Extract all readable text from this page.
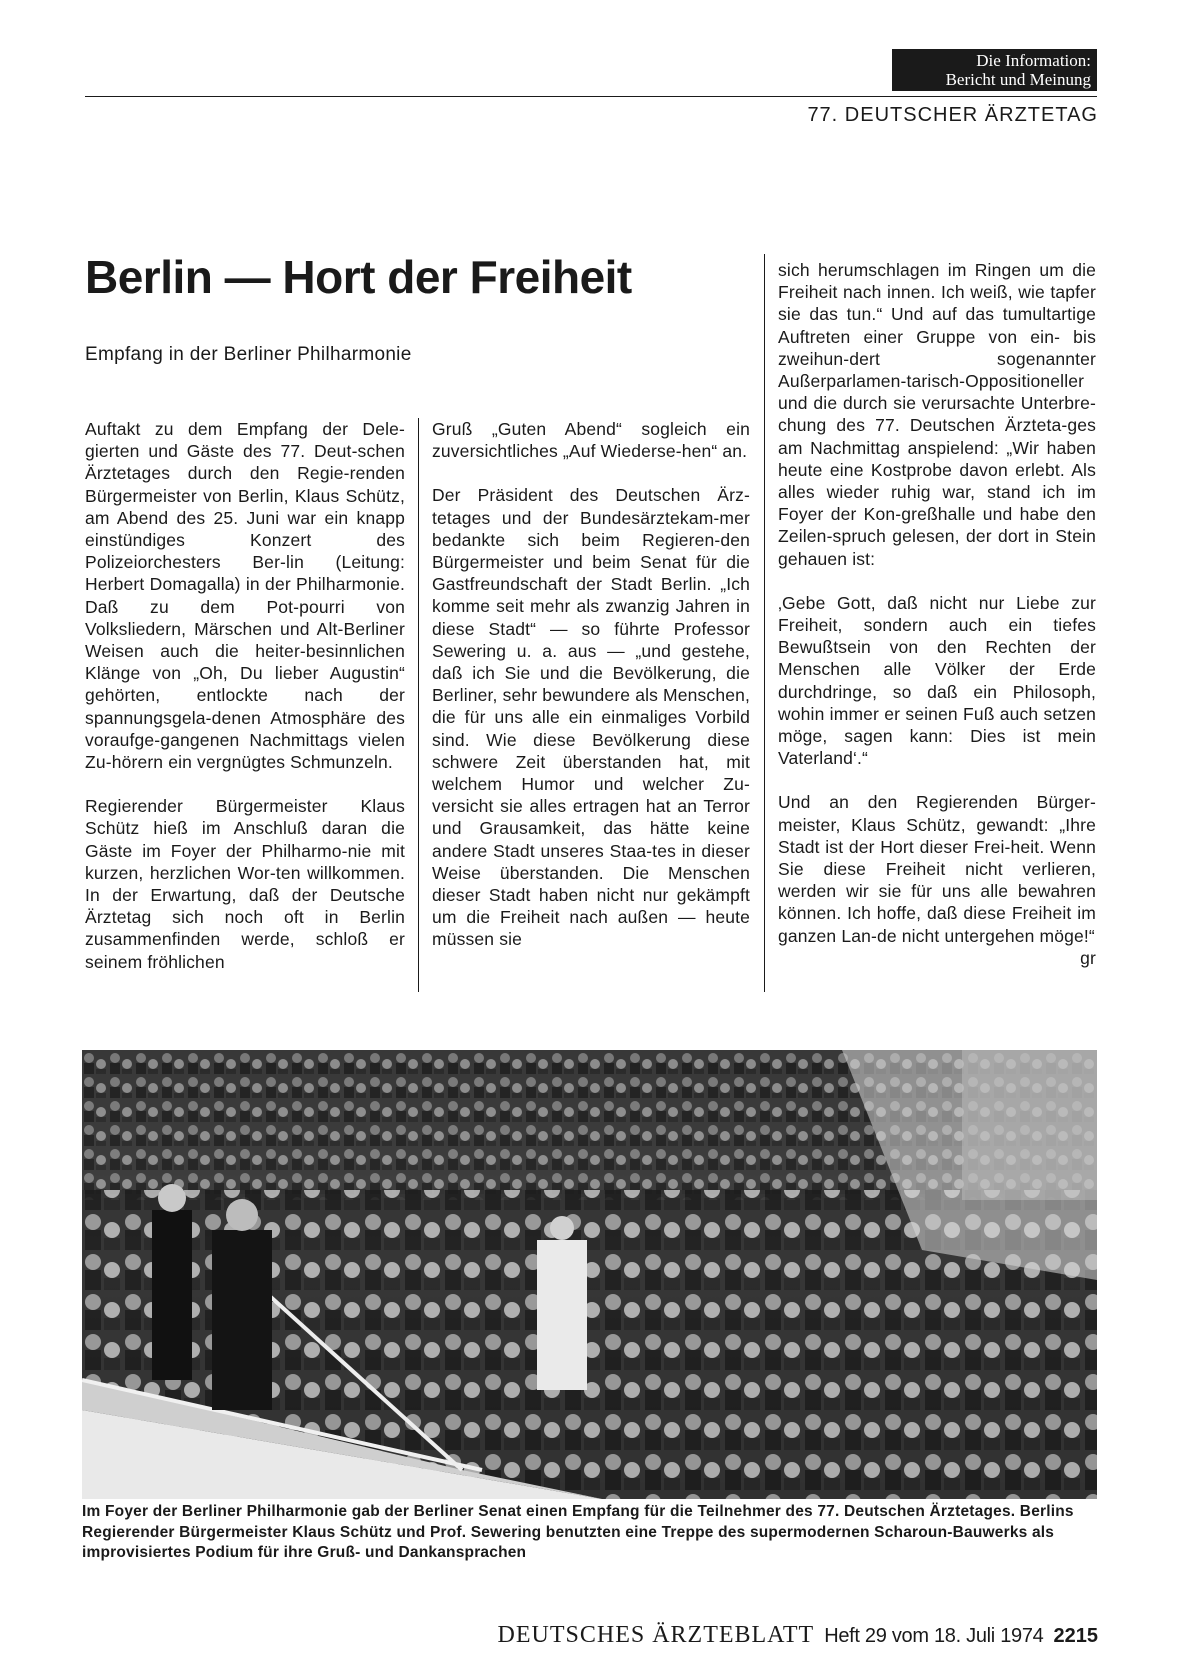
Die Information:
Bericht und Meinung
77. DEUTSCHER ÄRZTETAG
Berlin — Hort der Freiheit
Empfang in der Berliner Philharmonie

Auftakt zu dem Empfang der Dele-gierten und Gäste des 77. Deut-schen Ärztetages durch den Regie-renden Bürgermeister von Berlin, Klaus Schütz, am Abend des 25. Juni war ein knapp einstündiges Konzert des Polizeiorchesters Ber-lin (Leitung: Herbert Domagalla) in der Philharmonie. Daß zu dem Pot-pourri von Volksliedern, Märschen und Alt-Berliner Weisen auch die heiter-besinnlichen Klänge von „Oh, Du lieber Augustin“ gehörten, entlockte nach der spannungsgela-denen Atmosphäre des voraufge-gangenen Nachmittags vielen Zu-hörern ein vergnügtes Schmunzeln.

Regierender Bürgermeister Klaus Schütz hieß im Anschluß daran die Gäste im Foyer der Philharmo-nie mit kurzen, herzlichen Wor-ten willkommen. In der Erwartung, daß der Deutsche Ärztetag sich noch oft in Berlin zusammenfinden werde, schloß er seinem fröhlichen

Gruß „Guten Abend“ sogleich ein zuversichtliches „Auf Wiederse-hen“ an.

Der Präsident des Deutschen Ärz-tetages und der Bundesärztekam-mer bedankte sich beim Regieren-den Bürgermeister und beim Senat für die Gastfreundschaft der Stadt Berlin. „Ich komme seit mehr als zwanzig Jahren in diese Stadt“ — so führte Professor Sewering u. a. aus — „und gestehe, daß ich Sie und die Bevölkerung, die Berliner, sehr bewundere als Menschen, die für uns alle ein einmaliges Vorbild sind. Wie diese Bevölkerung diese schwere Zeit überstanden hat, mit welchem Humor und welcher Zu-versicht sie alles ertragen hat an Terror und Grausamkeit, das hätte keine andere Stadt unseres Staa-tes in dieser Weise überstanden. Die Menschen dieser Stadt haben nicht nur gekämpft um die Freiheit nach außen — heute müssen sie

sich herumschlagen im Ringen um die Freiheit nach innen. Ich weiß, wie tapfer sie das tun.“ Und auf das tumultartige Auftreten einer Gruppe von ein- bis zweihun-dert sogenannter Außerparlamen-tarisch-Oppositioneller und die durch sie verursachte Unterbre-chung des 77. Deutschen Ärzteta-ges am Nachmittag anspielend: „Wir haben heute eine Kostprobe davon erlebt. Als alles wieder ruhig war, stand ich im Foyer der Kon-greßhalle und habe den Zeilen-spruch gelesen, der dort in Stein gehauen ist:

‚Gebe Gott, daß nicht nur Liebe zur Freiheit, sondern auch ein tiefes Bewußtsein von den Rechten der Menschen alle Völker der Erde durchdringe, so daß ein Philosoph, wohin immer er seinen Fuß auch setzen möge, sagen kann: Dies ist mein Vaterland‘.“

Und an den Regierenden Bürger-meister, Klaus Schütz, gewandt: „Ihre Stadt ist der Hort dieser Frei-heit. Wenn Sie diese Freiheit nicht verlieren, werden wir sie für uns alle bewahren können. Ich hoffe, daß diese Freiheit im ganzen Lan-de nicht untergehen möge!“
gr

Im Foyer der Berliner Philharmonie gab der Berliner Senat einen Empfang für die Teilnehmer des 77. Deutschen Ärztetages. Berlins Regierender Bürgermeister Klaus Schütz und Prof. Sewering benutzten eine Treppe des supermodernen Scharoun-Bauwerks als improvisiertes Podium für ihre Gruß- und Dankansprachen
DEUTSCHES ÄRZTEBLATT Heft 29 vom 18. Juli 1974 2215
